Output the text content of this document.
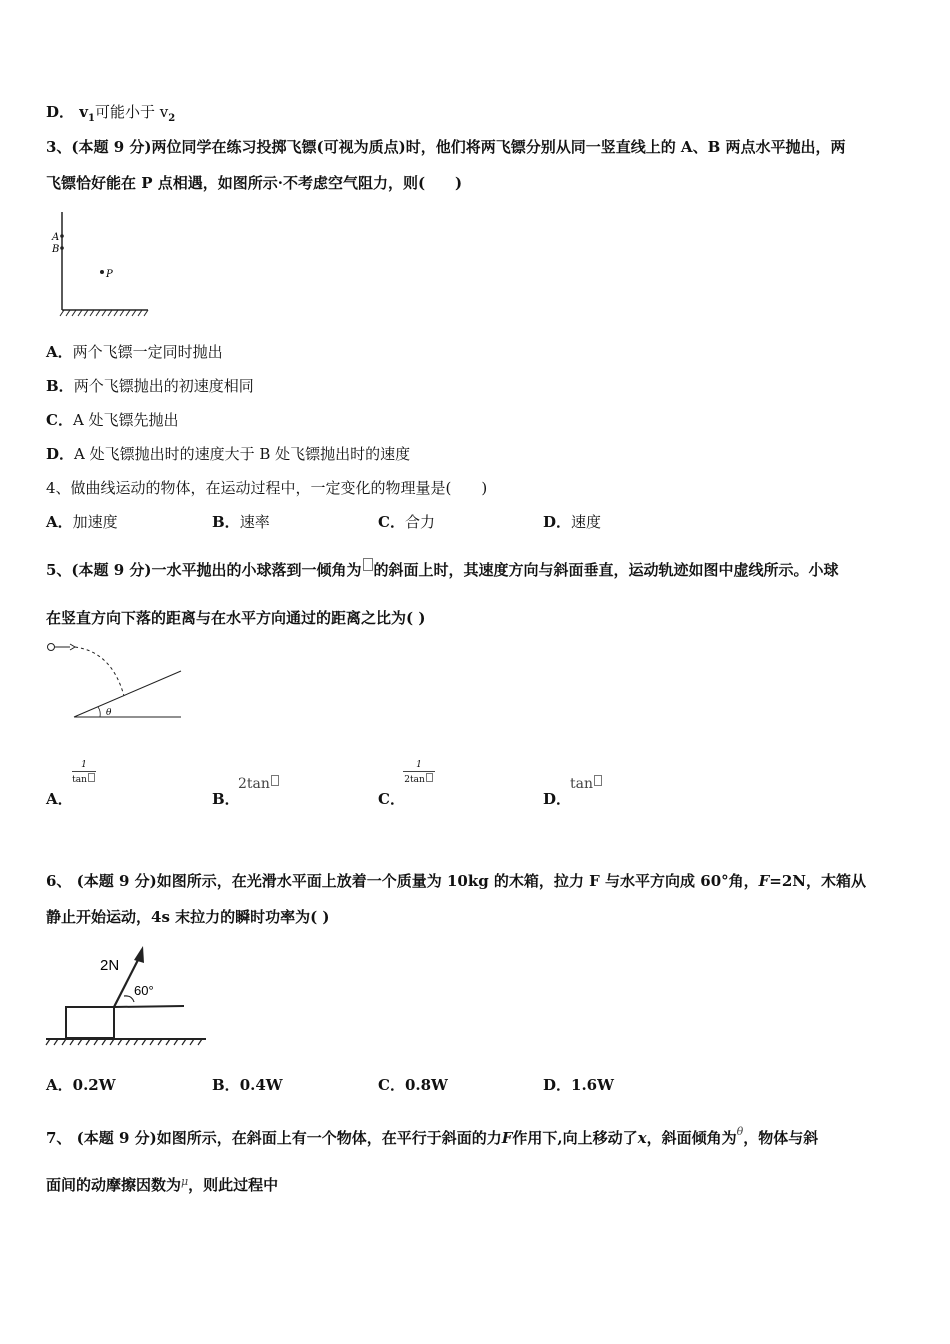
D． $v_1$可能小于 $v_2$
3、(本题 9 分)两位同学在练习投掷飞镖(可视为质点)时，他们将两飞镖分别从同一竖直线上的 A、B 两点水平抛出，两
飞镖恰好能在 P 点相遇，如图所示·不考虑空气阻力，则(　　)
A
B
P
A．两个飞镖一定同时抛出
B．两个飞镖抛出的初速度相同
C．A 处飞镖先抛出
D．A 处飞镖抛出时的速度大于 B 处飞镖抛出时的速度
4、做曲线运动的物体，在运动过程中，一定变化的物理量是(　　)
A．加速度	B．速率	C．合力	D．速度
5、(本题 9 分)一水平抛出的小球落到一倾角为 的斜面上时，其速度方向与斜面垂直，运动轨迹如图中虚线所示。小球
在竖直方向下落的距离与在水平方向通过的距离之比为( )
θ
A．
$\frac{1}{\tan}$
B．
2tan
C．
$\frac{1}{2\tan}$
D．
tan
6、 (本题 9 分)如图所示，在光滑水平面上放着一个质量为 10kg 的木箱，拉力 F 与水平方向成 60°角，F=2N，木箱从
静止开始运动，4s 末拉力的瞬时功率为( )
2N
60°
A．0.2W	B．0.4W	C．0.8W	D．1.6W
7、 (本题 9 分)如图所示，在斜面上有一个物体，在平行于斜面的力F作用下,向上移动了x，斜面倾角为$^\theta$，物体与斜
面间的动摩擦因数为$^\mu$，则此过程中
